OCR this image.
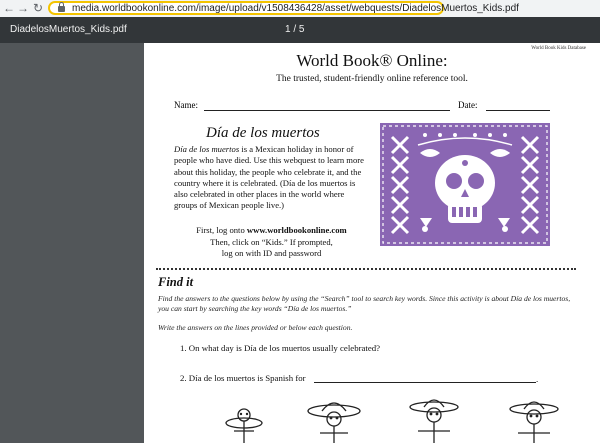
← → ↻	media.worldbookonline.com/image/upload/v1508436428/asset/webquests/DiadelosMuertos_Kids.pdf
DiadelosMuertos_Kids.pdf	1 / 5
World Book Kids Database
World Book® Online:
The trusted, student-friendly online reference tool.
Name:	Date:
Día de los muertos
Día de los muertos is a Mexican holiday in honor of people who have died. Use this webquest to learn more about this holiday, the people who celebrate it, and the country where it is celebrated. (Día de los muertos is also celebrated in other places in the world where groups of Mexican people live.)
First, log onto www.worldbookonline.com
Then, click on “Kids.” If prompted,
log on with ID and password
Find it
Find the answers to the questions below by using the “Search” tool to search key words. Since this activity is about Día de los muertos, you can start by searching the key words “Día de los muertos.”
Write the answers on the lines provided or below each question.
1. On what day is Día de los muertos usually celebrated?
2. Día de los muertos is Spanish for	.
